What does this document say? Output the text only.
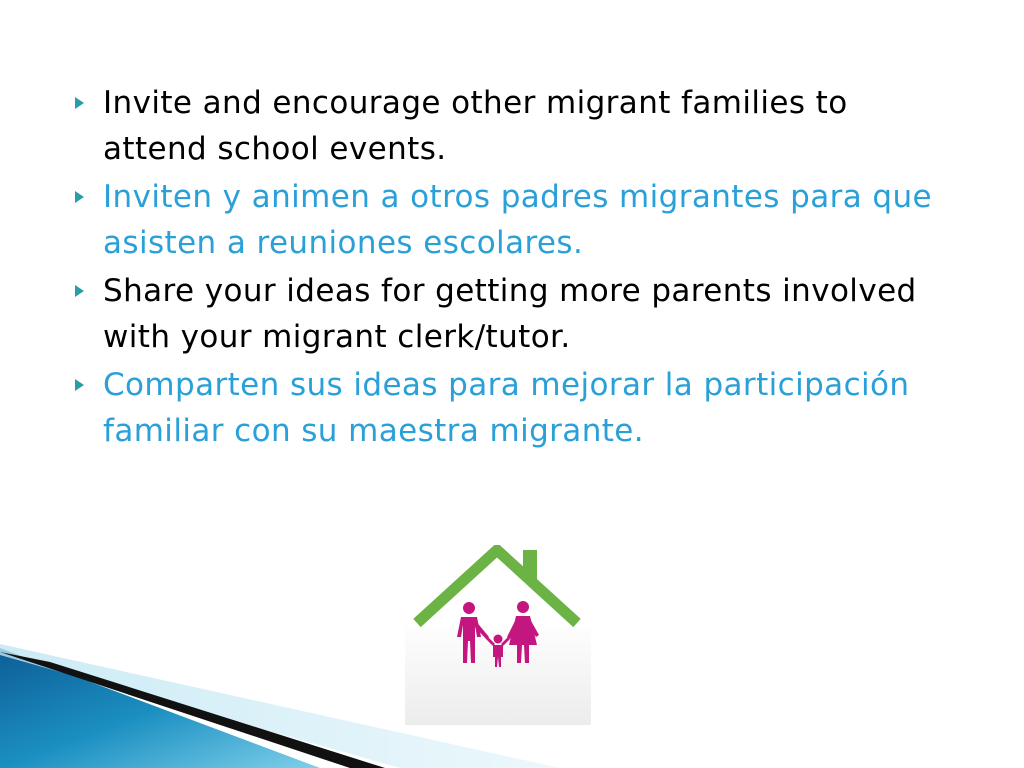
Invite and encourage other migrant families to attend school events.
Inviten y animen a otros padres migrantes para que asisten a reuniones escolares.
Share your ideas for getting more parents involved with your migrant clerk/tutor.
Comparten sus ideas para mejorar la participación familiar con su maestra migrante.
